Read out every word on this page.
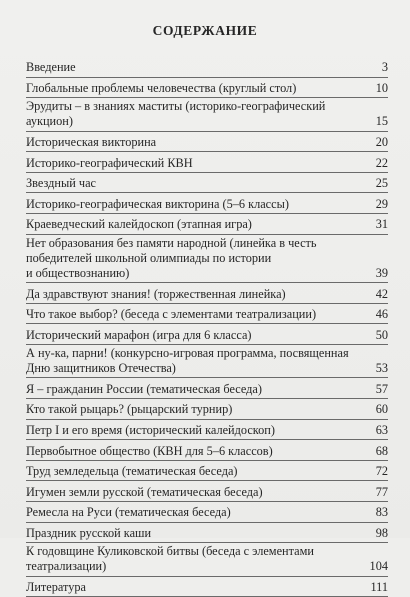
СОДЕРЖАНИЕ
Введение	3
Глобальные проблемы человечества (круглый стол)	10
Эрудиты – в знаниях маститы (историко-географический
аукцион)	15
Историческая викторина	20
Историко-географический КВН	22
Звездный час	25
Историко-географическая викторина (5–6 классы)	29
Краеведческий калейдоскоп (этапная игра)	31
Нет образования без памяти народной (линейка в честь
победителей школьной олимпиады по истории
и обществознанию)	39
Да здравствуют знания! (торжественная линейка)	42
Что такое выбор? (беседа с элементами театрализации)	46
Исторический марафон (игра для 6 класса)	50
А ну-ка, парни! (конкурсно-игровая программа, посвященная
Дню защитников Отечества)	53
Я – гражданин России (тематическая беседа)	57
Кто такой рыцарь? (рыцарский турнир)	60
Петр I и его время (исторический калейдоскоп)	63
Первобытное общество (КВН для 5–6 классов)	68
Труд земледельца (тематическая беседа)	72
Игумен земли русской (тематическая беседа)	77
Ремесла на Руси (тематическая беседа)	83
Праздник русской каши	98
К годовщине Куликовской битвы (беседа с элементами
театрализации)	104
Литература	111
